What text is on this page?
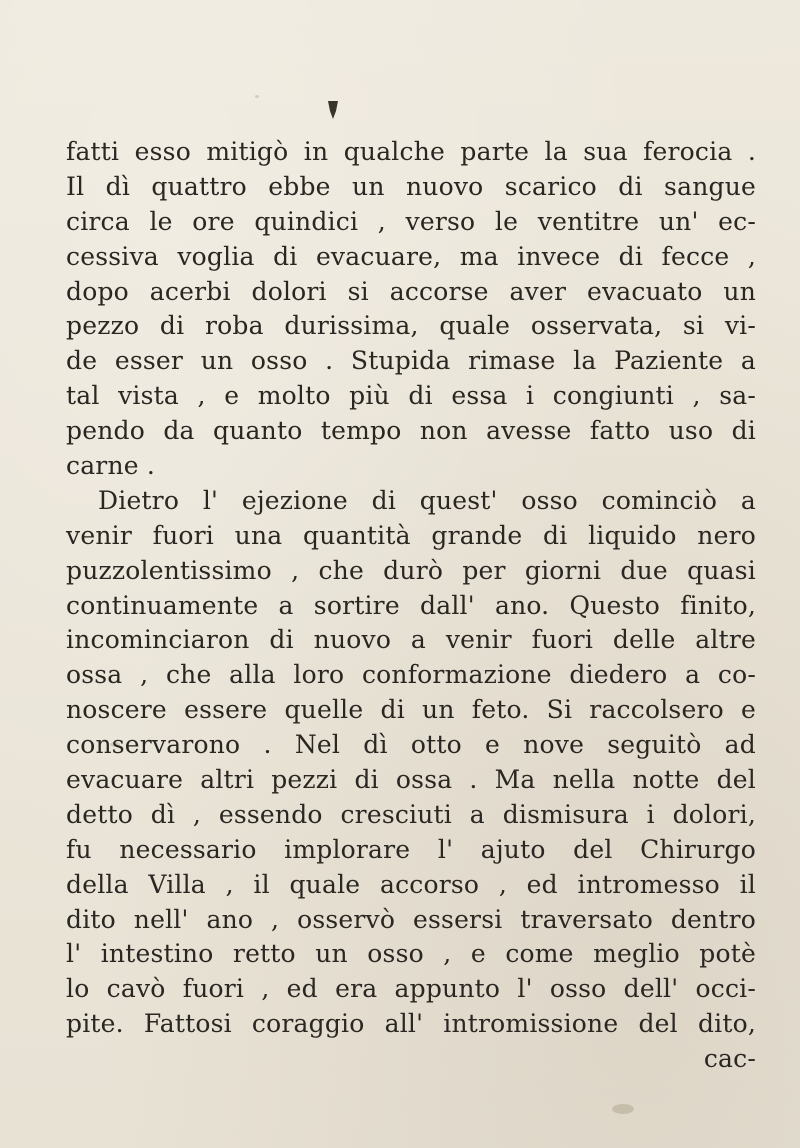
fatti esso mitigò in qualche parte la sua ferocia .
Il dì quattro ebbe un nuovo scarico di sangue
circa le ore quindici , verso le ventitre un' ec-
cessiva voglia di evacuare, ma invece di fecce ,
dopo acerbi dolori si accorse aver evacuato un
pezzo di roba durissima, quale osservata, si vi-
de esser un osso . Stupida rimase la Paziente a
tal vista , e molto più di essa i congiunti , sa-
pendo da quanto tempo non avesse fatto uso di
carne .
Dietro l' ejezione di quest' osso cominciò a
venir fuori una quantità grande di liquido nero
puzzolentissimo , che durò per giorni due quasi
continuamente a sortire dall' ano. Questo finito,
incominciaron di nuovo a venir fuori delle altre
ossa , che alla loro conformazione diedero a co-
noscere essere quelle di un feto. Si raccolsero e
conservarono . Nel dì otto e nove seguitò ad
evacuare altri pezzi di ossa . Ma nella notte del
detto dì , essendo cresciuti a dismisura i dolori,
fu necessario implorare l' ajuto del Chirurgo
della Villa , il quale accorso , ed intromesso il
dito nell' ano , osservò essersi traversato dentro
l' intestino retto un osso , e come meglio potè
lo cavò fuori , ed era appunto l' osso dell' occi-
pite. Fattosi coraggio all' intromissione del dito,
cac-
